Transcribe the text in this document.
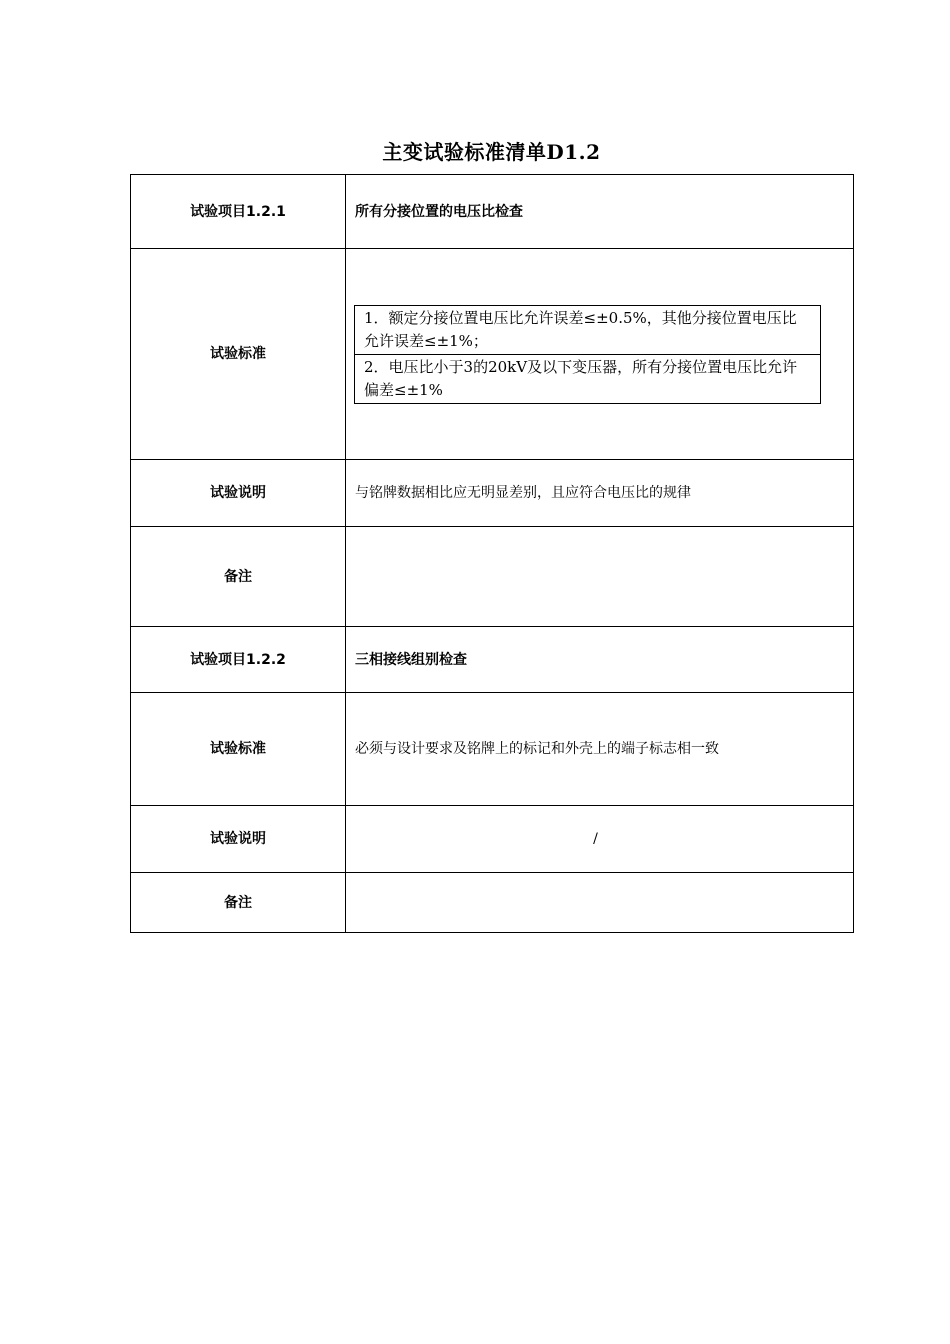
主变试验标准清单D1.2
试验项目1.2.1	所有分接位置的电压比检查
试验标准	
1．额定分接位置电压比允许误差≤±0.5%，其他分接位置电压比允许误差≤±1%；
2．电压比小于3的20kV及以下变压器，所有分接位置电压比允许偏差≤±1%

试验说明	与铭牌数据相比应无明显差别，且应符合电压比的规律
备注	
试验项目1.2.2	三相接线组别检查
试验标准	必须与设计要求及铭牌上的标记和外壳上的端子标志相一致
试验说明	/
备注	
